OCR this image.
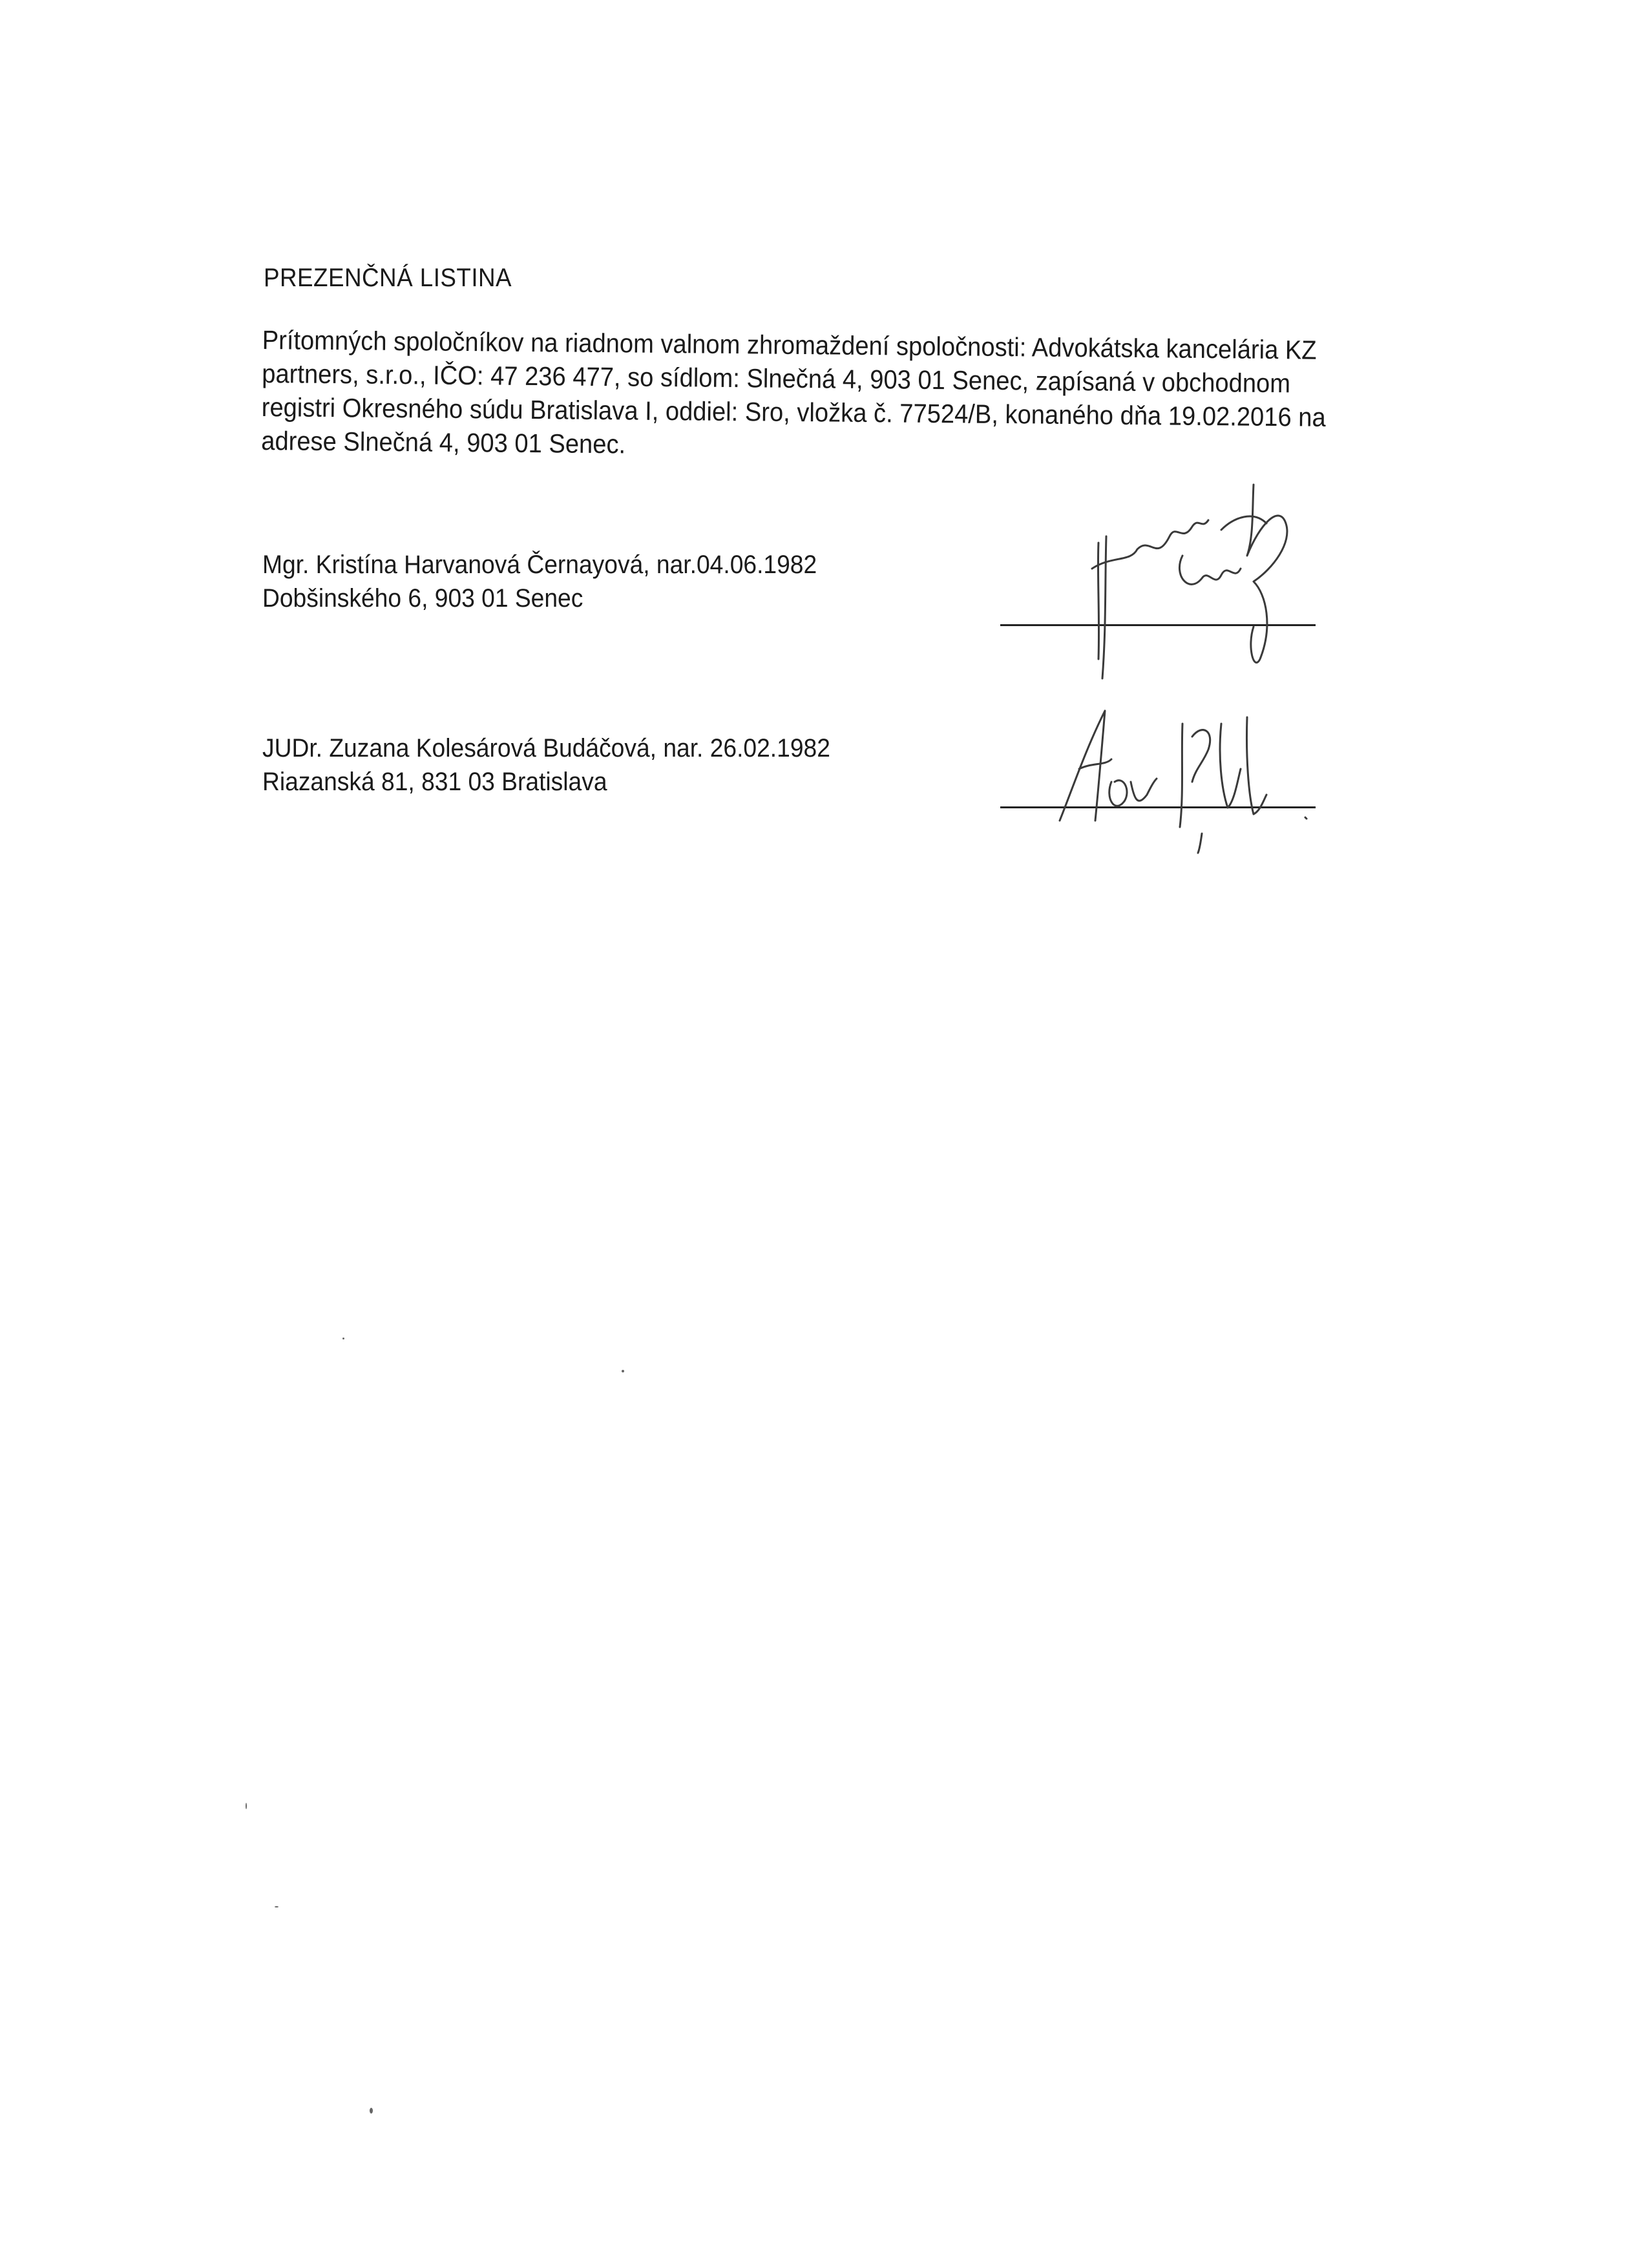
PREZENČNÁ LISTINA
Prítomných spoločníkov na riadnom valnom zhromaždení spoločnosti: Advokátska kancelária KZ
partners, s.r.o., IČO: 47 236 477, so sídlom: Slnečná 4, 903 01 Senec, zapísaná v obchodnom
registri Okresného súdu Bratislava I, oddiel: Sro, vložka č. 77524/B, konaného dňa 19.02.2016 na
adrese Slnečná 4, 903 01 Senec.
Mgr. Kristína Harvanová Černayová, nar.04.06.1982
Dobšinského 6, 903 01 Senec
JUDr. Zuzana Kolesárová Budáčová, nar. 26.02.1982
Riazanská 81, 831 03 Bratislava
